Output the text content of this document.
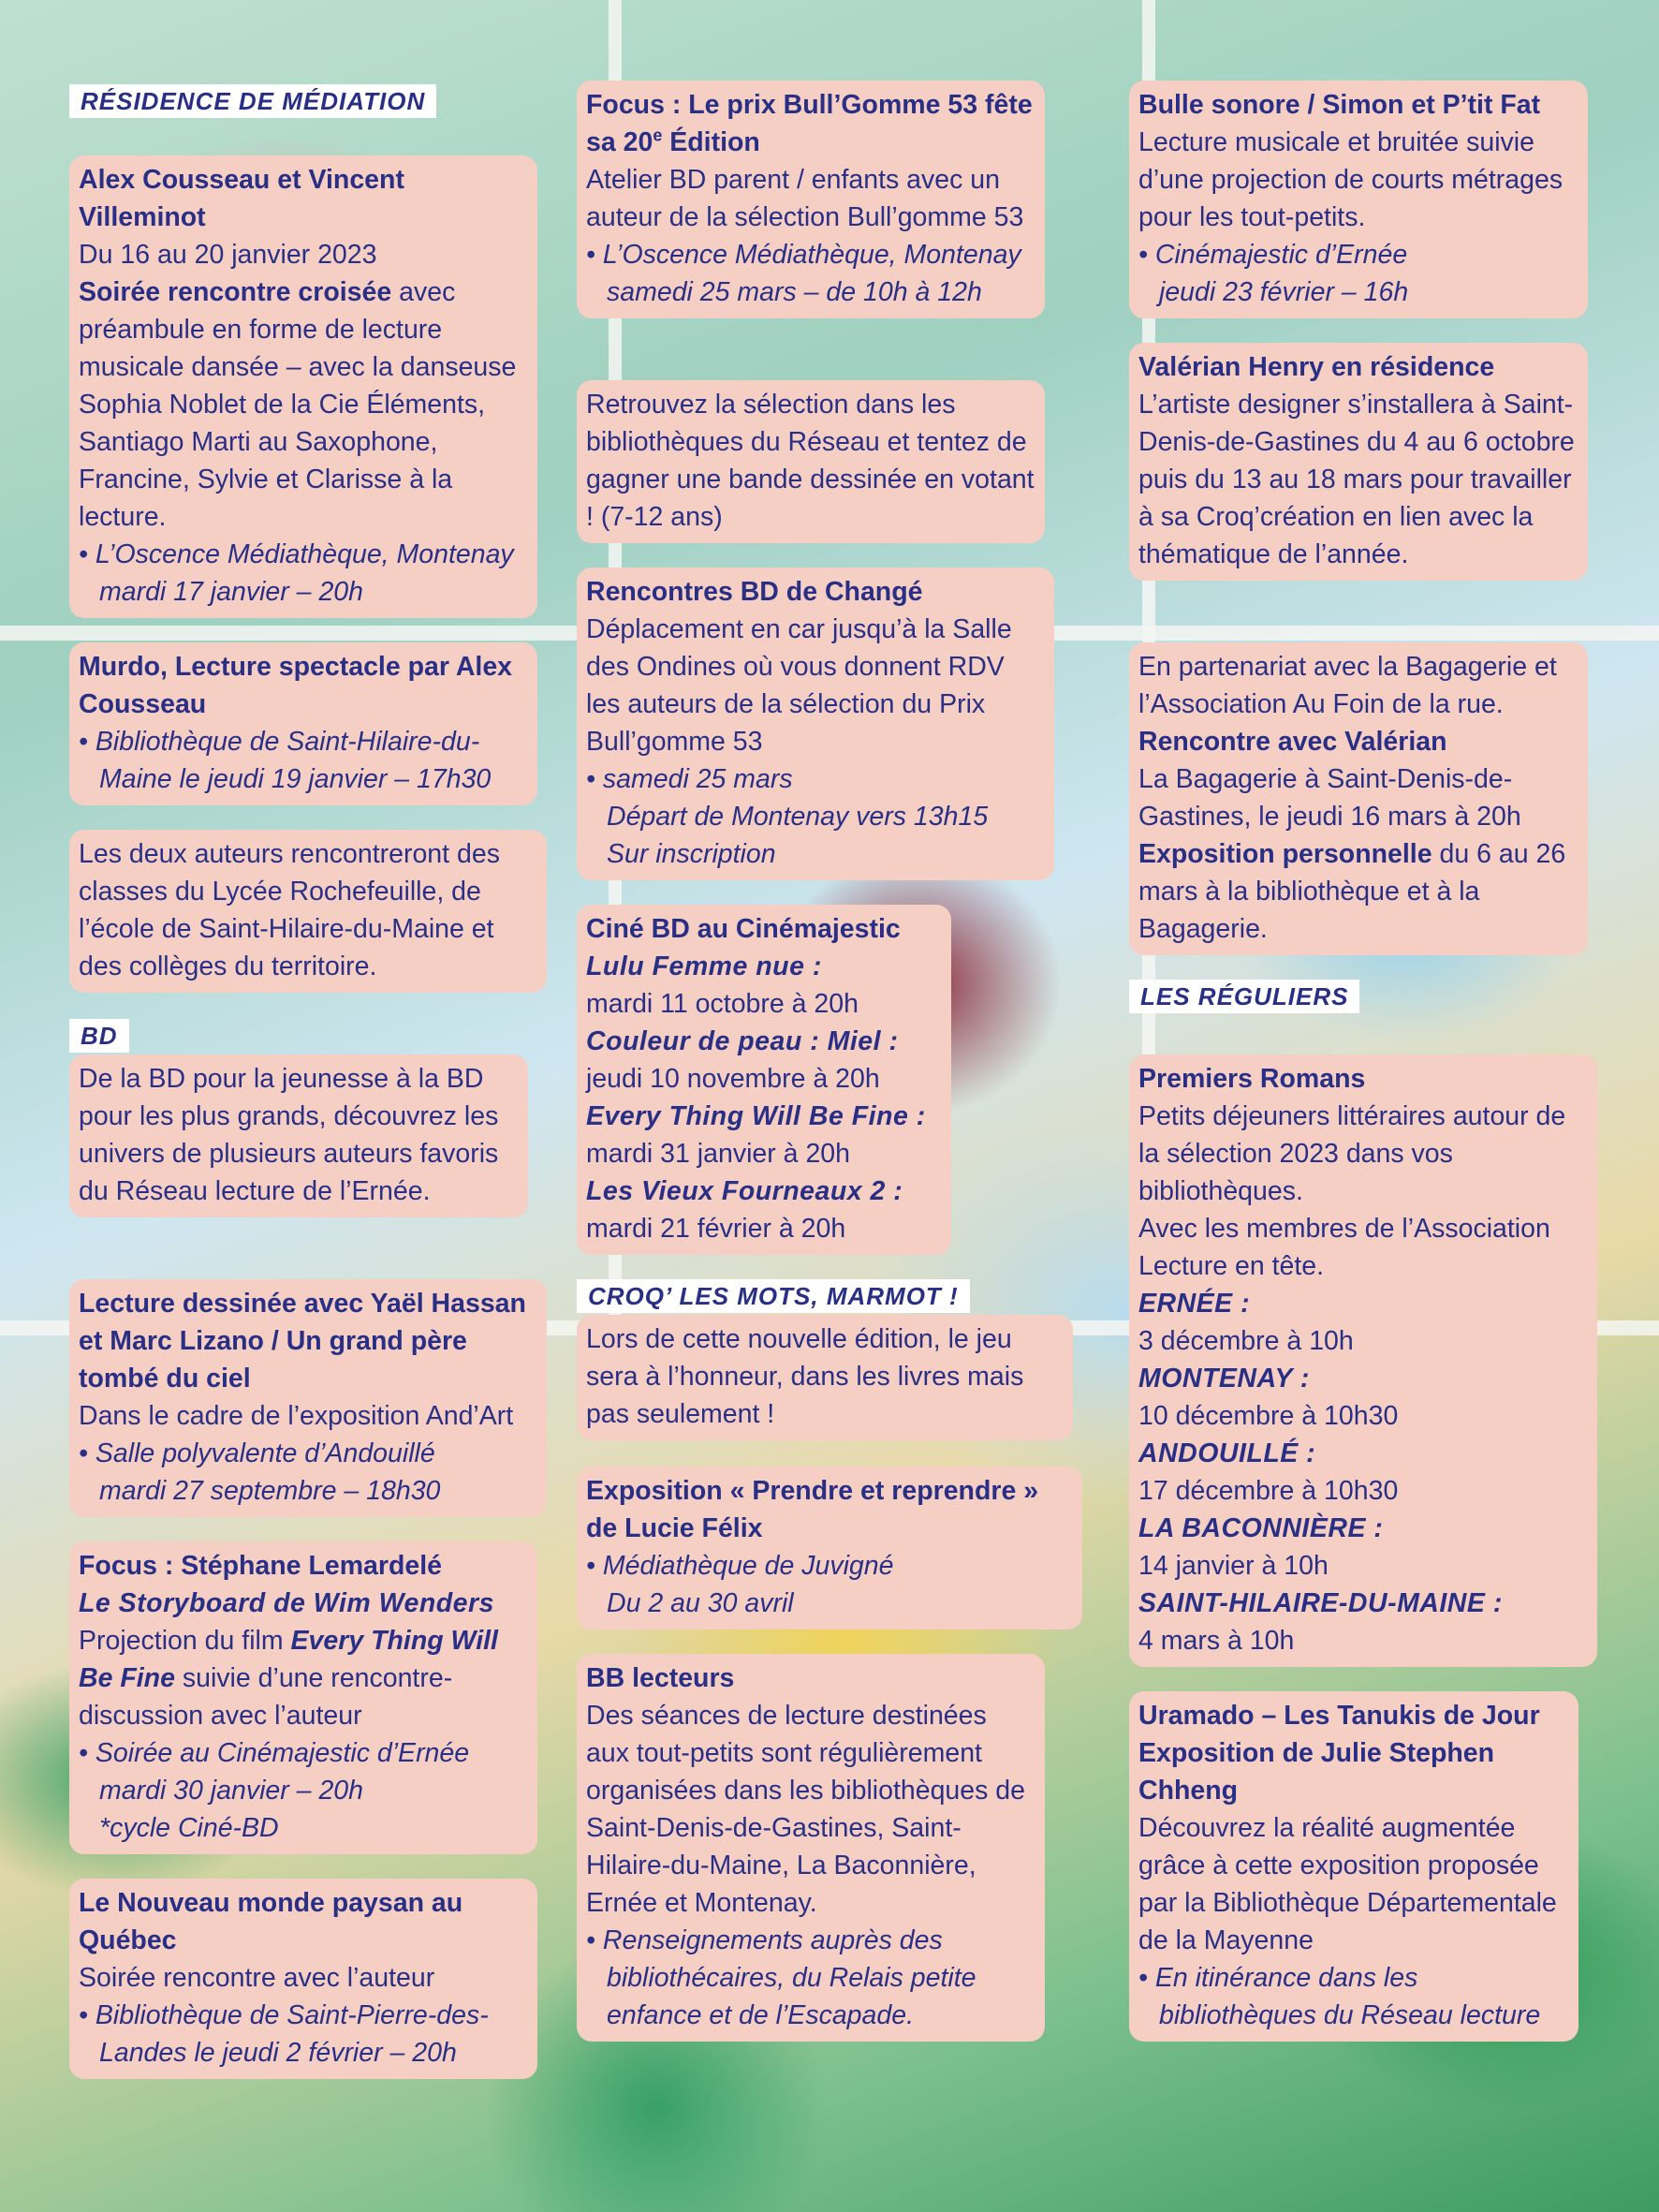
RÉSIDENCE DE MÉDIATION
Alex Cousseau et Vincent Villeminot
Du 16 au 20 janvier 2023
Soirée rencontre croisée avec préambule en forme de lecture musicale dansée – avec la danseuse Sophia Noblet de la Cie Éléments, Santiago Marti au Saxophone, Francine, Sylvie et Clarisse à la lecture.
• L’Oscence Médiathèque, Montenay
mardi 17 janvier – 20h
Murdo, Lecture spectacle par Alex Cousseau
• Bibliothèque de Saint-Hilaire-du-Maine le jeudi 19 janvier – 17h30
Les deux auteurs rencontreront des classes du Lycée Rochefeuille, de l’école de Saint-Hilaire-du-Maine et des collèges du territoire.
BD
De la BD pour la jeunesse à la BD pour les plus grands, découvrez les univers de plusieurs auteurs favoris du Réseau lecture de l’Ernée.
Lecture dessinée avec Yaël Hassan et Marc Lizano / Un grand père tombé du ciel
Dans le cadre de l’exposition And’Art
• Salle polyvalente d’Andouillé
mardi 27 septembre – 18h30
Focus : Stéphane Lemardelé
Le Storyboard de Wim Wenders
Projection du film Every Thing Will Be Fine suivie d’une rencontre-discussion avec l’auteur
• Soirée au Cinémajestic d’Ernée
mardi 30 janvier – 20h
*cycle Ciné-BD
Le Nouveau monde paysan au Québec
Soirée rencontre avec l’auteur
• Bibliothèque de Saint-Pierre-des-Landes le jeudi 2 février – 20h
Focus : Le prix Bull’Gomme 53 fête sa 20e Édition
Atelier BD parent / enfants avec un auteur de la sélection Bull’gomme 53
• L’Oscence Médiathèque, Montenay
samedi 25 mars – de 10h à 12h
Retrouvez la sélection dans les bibliothèques du Réseau et tentez de gagner une bande dessinée en votant ! (7-12 ans)
Rencontres BD de Changé
Déplacement en car jusqu’à la Salle des Ondines où vous donnent RDV les auteurs de la sélection du Prix Bull’gomme 53
• samedi 25 mars
Départ de Montenay vers 13h15
Sur inscription
Ciné BD au Cinémajestic
Lulu Femme nue :
mardi 11 octobre à 20h
Couleur de peau : Miel :
jeudi 10 novembre à 20h
Every Thing Will Be Fine :
mardi 31 janvier à 20h
Les Vieux Fourneaux 2 :
mardi 21 février à 20h
CROQ’ LES MOTS, MARMOT !
Lors de cette nouvelle édition, le jeu sera à l’honneur, dans les livres mais pas seulement !
Exposition « Prendre et reprendre » de Lucie Félix
• Médiathèque de Juvigné
Du 2 au 30 avril
BB lecteurs
Des séances de lecture destinées aux tout-petits sont régulièrement organisées dans les bibliothèques de Saint-Denis-de-Gastines, Saint-Hilaire-du-Maine, La Baconnière, Ernée et Montenay.
• Renseignements auprès des bibliothécaires, du Relais petite enfance et de l’Escapade.
Bulle sonore / Simon et P’tit Fat
Lecture musicale et bruitée suivie d’une projection de courts métrages pour les tout-petits.
• Cinémajestic d’Ernée
jeudi 23 février – 16h
Valérian Henry en résidence
L’artiste designer s’installera à Saint-Denis-de-Gastines du 4 au 6 octobre puis du 13 au 18 mars pour travailler à sa Croq’création en lien avec la thématique de l’année.
En partenariat avec la Bagagerie et l’Association Au Foin de la rue.
Rencontre avec Valérian
La Bagagerie à Saint-Denis-de-Gastines, le jeudi 16 mars à 20h
Exposition personnelle du 6 au 26 mars à la bibliothèque et à la Bagagerie.
LES RÉGULIERS
Premiers Romans
Petits déjeuners littéraires autour de la sélection 2023 dans vos bibliothèques.
Avec les membres de l’Association Lecture en tête.
ERNÉE :
3 décembre à 10h
MONTENAY :
10 décembre à 10h30
ANDOUILLÉ :
17 décembre à 10h30
LA BACONNIÈRE :
14 janvier à 10h
SAINT-HILAIRE-DU-MAINE :
4 mars à 10h
Uramado – Les Tanukis de Jour Exposition de Julie Stephen Chheng
Découvrez la réalité augmentée grâce à cette exposition proposée par la Bibliothèque Départementale de la Mayenne
• En itinérance dans les bibliothèques du Réseau lecture
